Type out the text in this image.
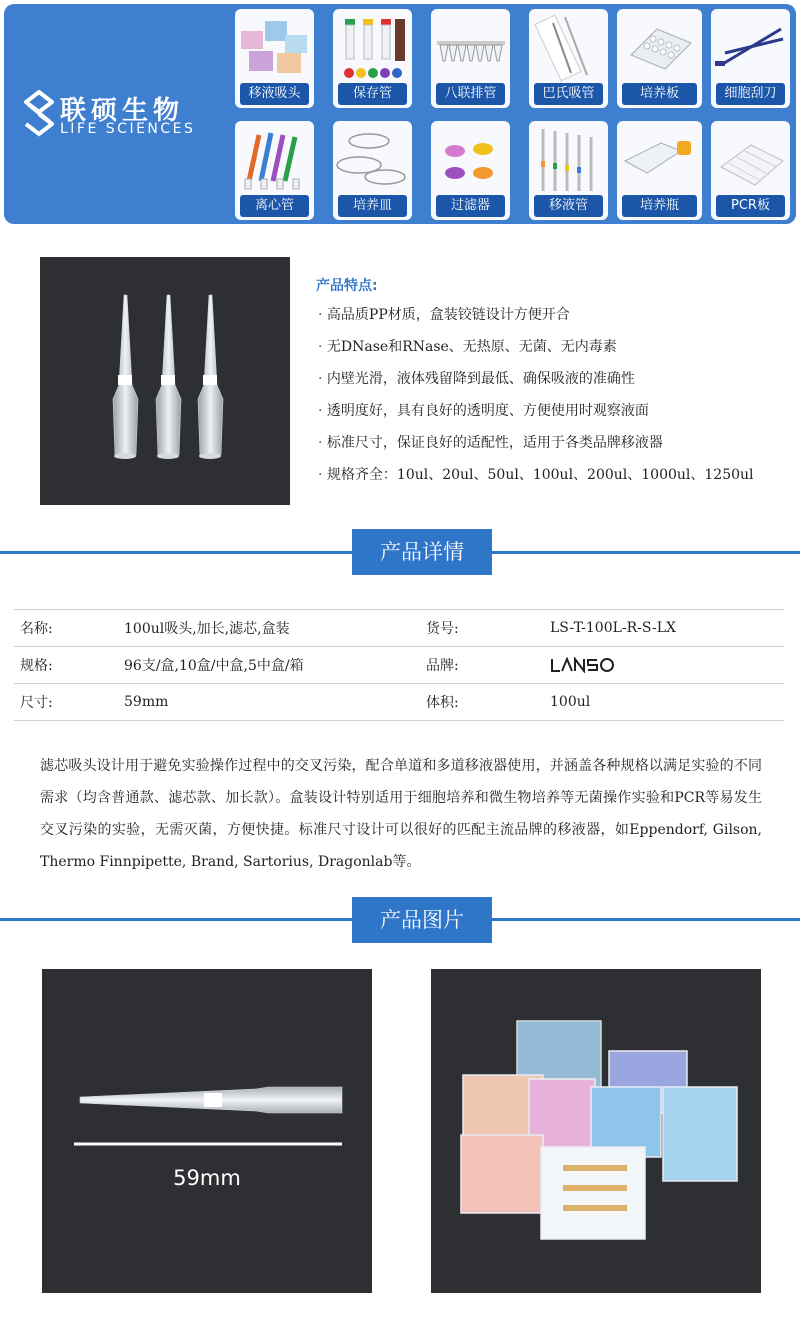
联硕生物
LIFE SCIENCES
移液吸头	保存管	八联排管	巴氏吸管	培养板	细胞刮刀
离心管	培养皿	过滤器	移液管	培养瓶	PCR板
产品特点:
· 高品质PP材质，盒装铰链设计方便开合
· 无DNase和RNase、无热原、无菌、无内毒素
· 内壁光滑，液体残留降到最低、确保吸液的准确性
· 透明度好，具有良好的透明度、方便使用时观察液面
· 标准尺寸，保证良好的适配性，适用于各类品牌移液器
· 规格齐全：10ul、20ul、50ul、100ul、200ul、1000ul、1250ul
产品详情
名称:	100ul吸头,加长,滤芯,盒装	货号:	LS-T-100L-R-S-LX
规格:	96支/盒,10盒/中盒,5中盒/箱	品牌:	

尺寸:	59mm	体积:	100ul

滤芯吸头设计用于避免实验操作过程中的交叉污染，配合单道和多道移液器使用，并涵盖各种规格以满足实验的不同需求（均含普通款、滤芯款、加长款）。盒装设计特别适用于细胞培养和微生物培养等无菌操作实验和PCR等易发生交叉污染的实验，无需灭菌，方便快捷。标准尺寸设计可以很好的匹配主流品牌的移液器，如Eppendorf, Gilson, Thermo Finnpipette, Brand, Sartorius, Dragonlab等。

产品图片
59mm
